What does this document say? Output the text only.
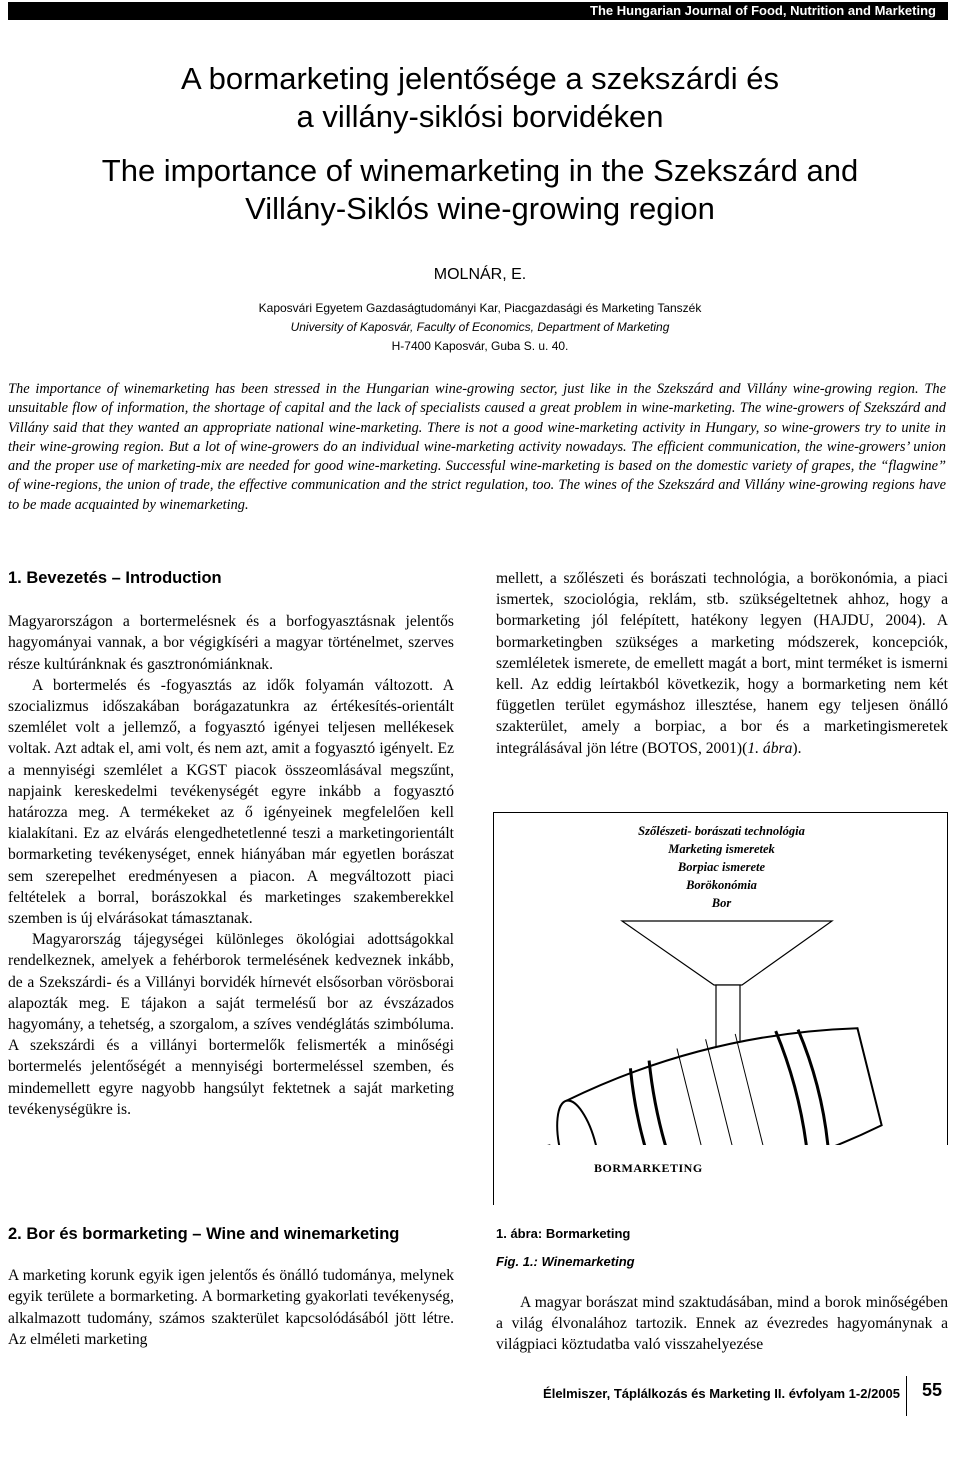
The Hungarian Journal of Food, Nutrition and Marketing
A bormarketing jelentősége a szekszárdi és
a villány-siklósi borvidéken
The importance of winemarketing in the Szekszárd and
Villány-Siklós wine-growing region
MOLNÁR, E.
Kaposvári Egyetem Gazdaságtudományi Kar, Piacgazdasági és Marketing Tanszék
University of Kaposvár, Faculty of Economics, Department of Marketing
H-7400 Kaposvár, Guba S. u. 40.
The importance of winemarketing has been stressed in the Hungarian wine-growing sector, just like in the Szekszárd and Villány wine-growing region. The unsuitable flow of information, the shortage of capital and the lack of specialists caused a great problem in wine-marketing. The wine-growers of Szekszárd and Villány said that they wanted an appropriate national wine-marketing. There is not a good wine-marketing activity in Hungary, so wine-growers try to unite in their wine-growing region. But a lot of wine-growers do an individual wine-marketing activity nowadays. The efficient communication, the wine-growers’ union and the proper use of marketing-mix are needed for good wine-marketing. Successful wine-marketing is based on the domestic variety of grapes, the “flagwine” of wine-regions, the union of trade, the effective communication and the strict regulation, too. The wines of the Szekszárd and Villány wine-growing regions have to be made acquainted by winemarketing.
1. Bevezetés – Introduction

Magyarországon a bortermelésnek és a borfogyasztásnak jelentős hagyományai vannak, a bor végigkíséri a magyar történelmet, szerves része kultúránknak és gasztronómiánknak.

A bortermelés és -fogyasztás az idők folyamán változott. A szocializmus időszakában borágazatunkra az értékesítés-orientált szemlélet volt a jellemző, a fogyasztó igényei teljesen mellékesek voltak. Azt adtak el, ami volt, és nem azt, amit a fogyasztó igényelt. Ez a mennyiségi szemlélet a KGST piacok összeomlásával megszűnt, napjaink kereskedelmi tevékenységét egyre inkább a fogyasztó határozza meg. A termékeket az ő igényeinek megfelelően kell kialakítani. Ez az elvárás elengedhetetlenné teszi a marketingorientált bormarketing tevékenységet, ennek hiányában már egyetlen borászat sem szerepelhet eredményesen a piacon. A megváltozott piaci feltételek a borral, borászokkal és marketinges szakemberekkel szemben is új elvárásokat támasztanak.

Magyarország tájegységei különleges ökológiai adottságokkal rendelkeznek, amelyek a fehérborok termelésének kedveznek inkább, de a Szekszárdi- és a Villányi borvidék hírnevét elsősorban vörösborai alapozták meg. E tájakon a saját termelésű bor az évszázados hagyomány, a tehetség, a szorgalom, a szíves vendéglátás szimbóluma. A szekszárdi és a villányi bortermelők felismerték a minőségi bortermelés jelentőségét a mennyiségi bortermeléssel szemben, és mindemellett egyre nagyobb hangsúlyt fektetnek a saját marketing tevékenységükre is.

2. Bor és bormarketing – Wine and winemarketing

A marketing korunk egyik igen jelentős és önálló tudománya, melynek egyik területe a bormarketing. A bormarketing gyakorlati tevékenység, alkalmazott tudomány, számos szakterület kapcsolódásából jött létre. Az elméleti marketing

mellett, a szőlészeti és borászati technológia, a borökonómia, a piaci ismertek, szociológia, reklám, stb. szükségeltetnek ahhoz, hogy a bormarketing jól felépített, hatékony legyen (HAJDU, 2004). A bormarketingben szükséges a marketing módszerek, koncepciók, szemléletek ismerete, de emellett magát a bort, mint terméket is ismerni kell. Az eddig leírtakból következik, hogy a bormarketing nem két független terület egymáshoz illesztése, hanem egy teljesen önálló szakterület, amely a borpiac, a bor és a marketingismeretek integrálásával jön létre (BOTOS, 2001)(1. ábra).

Szőlészeti- borászati technológia
Marketing ismeretek
Borpiac ismerete
Borökonómia
Bor
BORMARKETING
1. ábra: Bormarketing
Fig. 1.: Winemarketing

A magyar borászat mind szaktudásában, mind a borok minőségében a világ élvonalához tartozik. Ennek az évezredes hagyománynak a világpiaci köztudatba való visszahelyezése

Élelmiszer, Táplálkozás és Marketing II. évfolyam 1-2/2005 55
